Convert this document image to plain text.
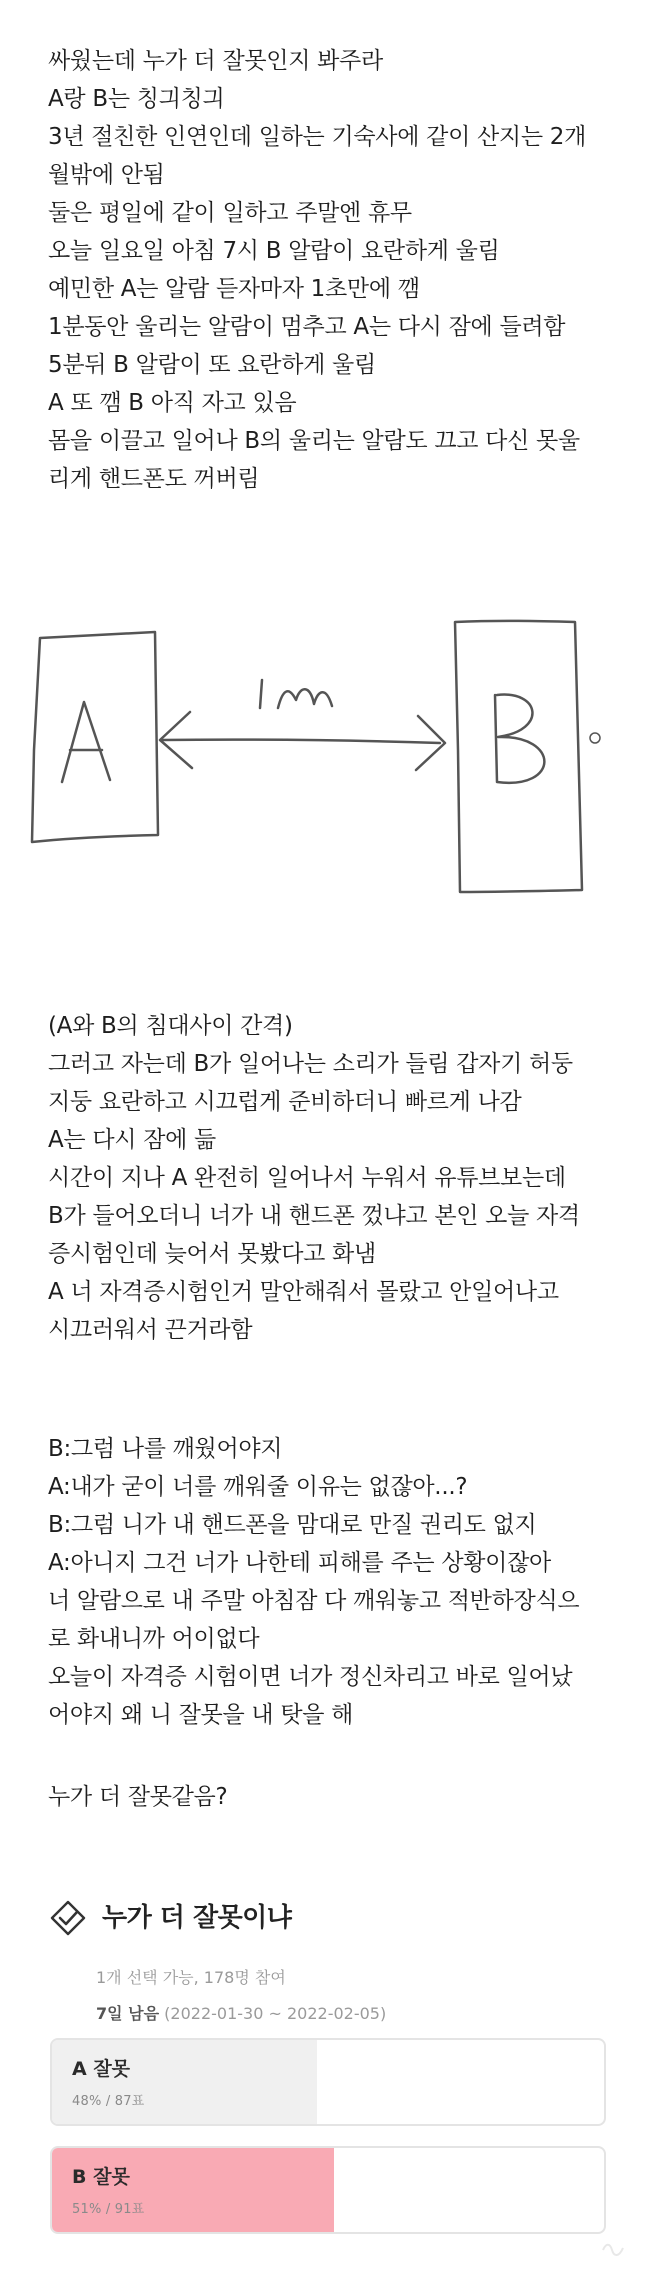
싸웠는데 누가 더 잘못인지 봐주라
A랑 B는 칭긔칭긔
3년 절친한 인연인데 일하는 기숙사에 같이 산지는 2개
월밖에 안됨
둘은 평일에 같이 일하고 주말엔 휴무
오늘 일요일 아침 7시 B 알람이 요란하게 울림
예민한 A는 알람 듣자마자 1초만에 깸
1분동안 울리는 알람이 멈추고 A는 다시 잠에 들려함
5분뒤 B 알람이 또 요란하게 울림
A 또 깸 B 아직 자고 있음
몸을 이끌고 일어나 B의 울리는 알람도 끄고 다신 못울
리게 핸드폰도 꺼버림
A
(A와 B의 침대사이 간격)
그러고 자는데 B가 일어나는 소리가 들림 갑자기 허둥
지둥 요란하고 시끄럽게 준비하더니 빠르게 나감
A는 다시 잠에 듦
시간이 지나 A 완전히 일어나서 누워서 유튜브보는데
B가 들어오더니 너가 내 핸드폰 껐냐고 본인 오늘 자격
증시험인데 늦어서 못봤다고 화냄
A 너 자격증시험인거 말안해줘서 몰랐고 안일어나고
시끄러워서 끈거라함
B:그럼 나를 깨웠어야지
A:내가 굳이 너를 깨워줄 이유는 없잖아...?
B:그럼 니가 내 핸드폰을 맘대로 만질 권리도 없지
A:아니지 그건 너가 나한테 피해를 주는 상황이잖아
너 알람으로 내 주말 아침잠 다 깨워놓고 적반하장식으
로 화내니까 어이없다
오늘이 자격증 시험이면 너가 정신차리고 바로 일어났
어야지 왜 니 잘못을 내 탓을 해
누가 더 잘못같음?
누가 더 잘못이냐
1개 선택 가능, 178명 참여
7일 남음 (2022-01-30 ~ 2022-02-05)
A 잘못
48% / 87표
B 잘못
51% / 91표
